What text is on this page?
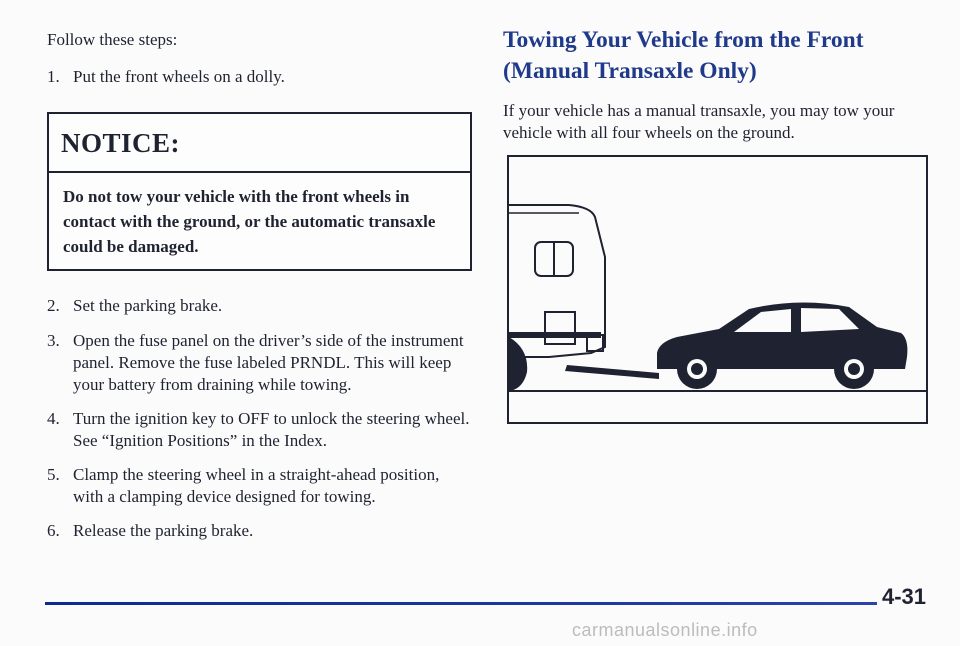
Follow these steps:

1. Put the front wheels on a dolly.
NOTICE:
Do not tow your vehicle with the front wheels in contact with the ground, or the automatic transaxle could be damaged.
2. Set the parking brake.
3. Open the fuse panel on the driver’s side of the instrument panel. Remove the fuse labeled PRNDL. This will keep your battery from draining while towing.
4. Turn the ignition key to OFF to unlock the steering wheel. See “Ignition Positions” in the Index.
5. Clamp the steering wheel in a straight-ahead position, with a clamping device designed for towing.
6. Release the parking brake.
Towing Your Vehicle from the Front (Manual Transaxle Only)

If your vehicle has a manual transaxle, you may tow your vehicle with all four wheels on the ground.

4-31
carmanualsonline.info
